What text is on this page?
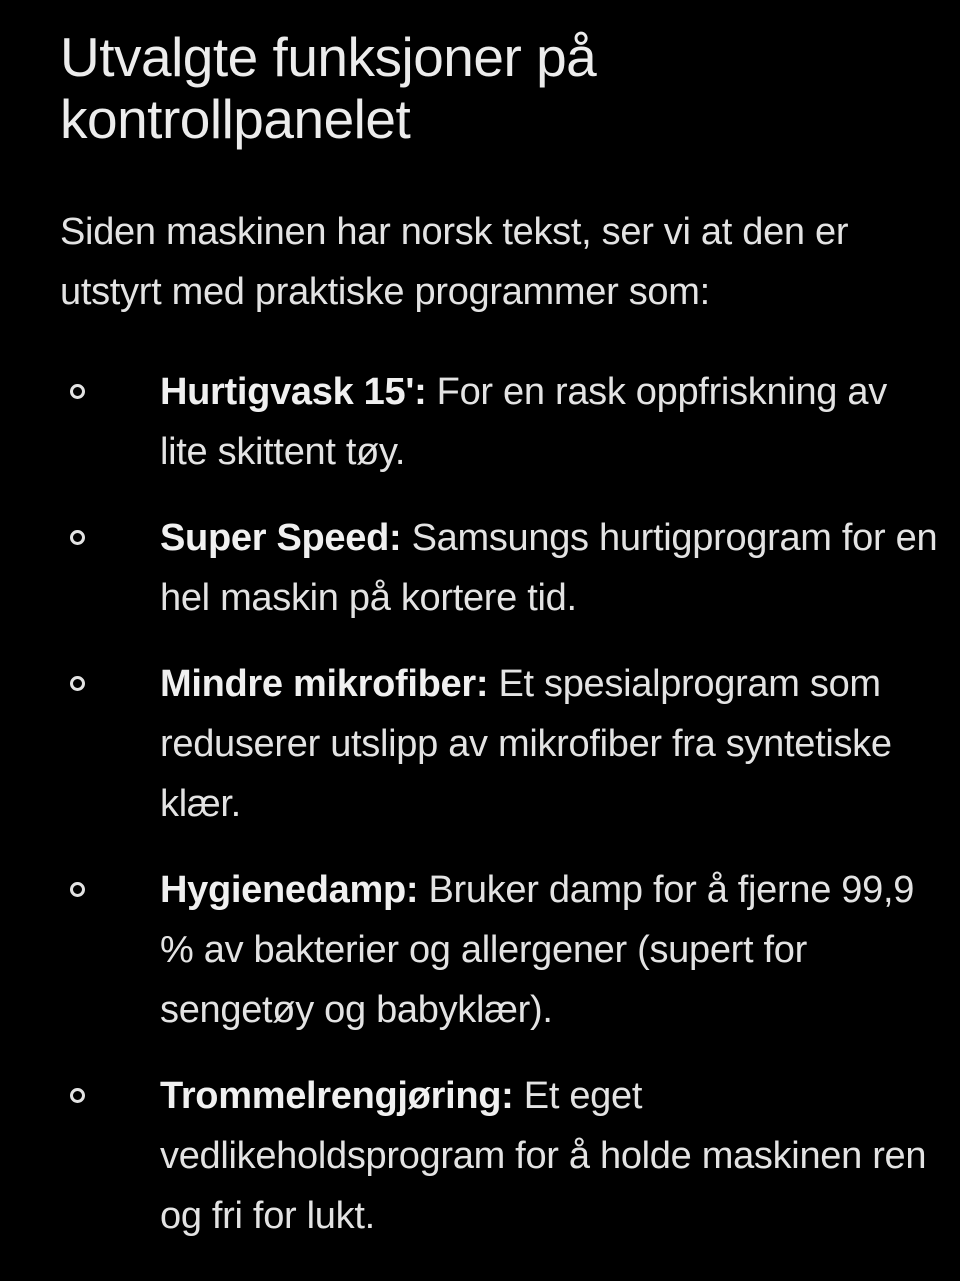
Utvalgte funksjoner på kontrollpanelet

Siden maskinen har norsk tekst, ser vi at den er utstyrt med praktiske programmer som:

Hurtigvask 15': For en rask oppfriskning av lite skittent tøy.
Super Speed: Samsungs hurtigprogram for en hel maskin på kortere tid.
Mindre mikrofiber: Et spesialprogram som reduserer utslipp av mikrofiber fra syntetiske klær.
Hygienedamp: Bruker damp for å fjerne 99,9 % av bakterier og allergener (supert for sengetøy og babyklær).
Trommelrengjøring: Et eget vedlikeholdsprogram for å holde maskinen ren og fri for lukt.
